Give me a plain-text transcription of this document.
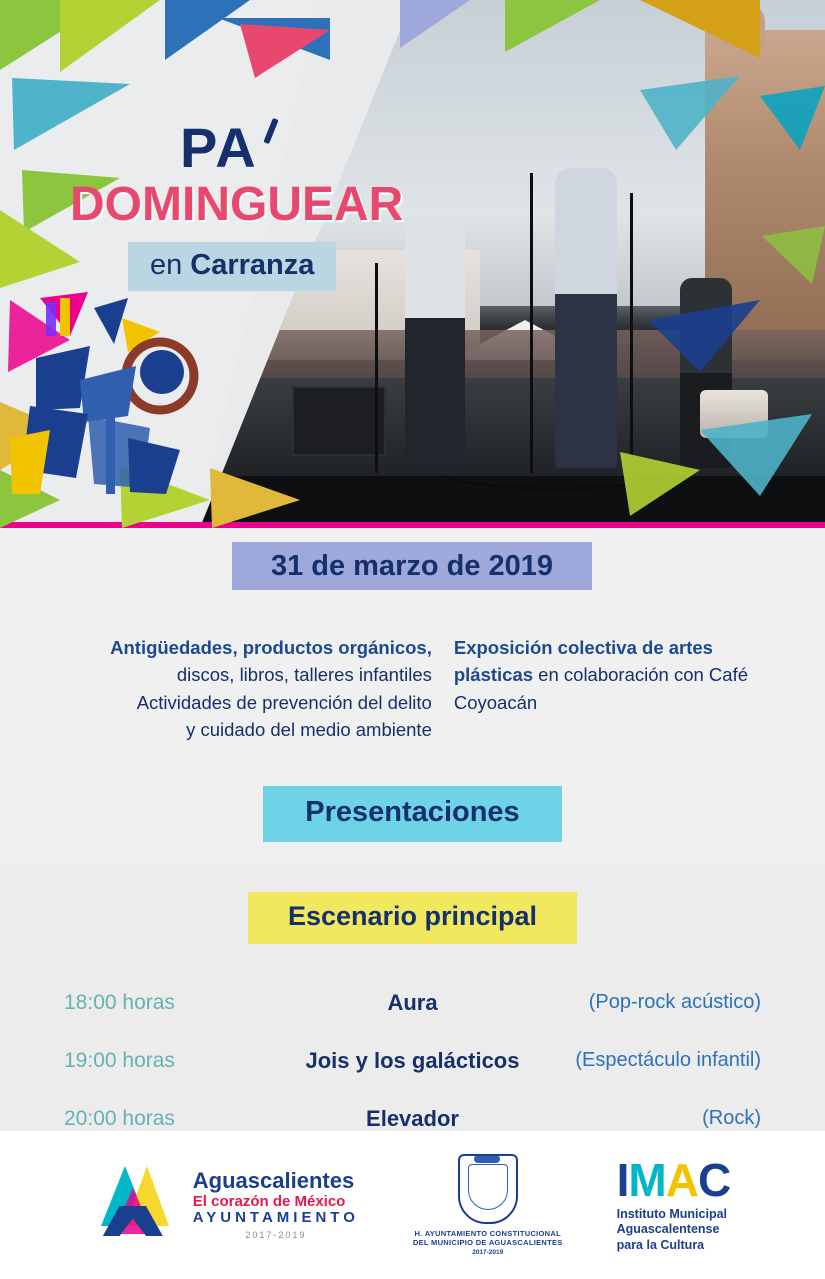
PA
DOMINGUEAR
en Carranza
31 de marzo de 2019
Antigüedades, productos orgánicos,
discos, libros, talleres infantiles
Actividades de prevención del delito
y cuidado del medio ambiente
Exposición colectiva de artes plásticas en colaboración con Café Coyoacán
Presentaciones
Escenario principal
18:00 horas	Aura	(Pop-rock acústico)
19:00 horas	Jois y los galácticos	(Espectáculo infantil)
20:00 horas	Elevador	(Rock)
Aguascalientes
El corazón de México
AYUNTAMIENTO
2017-2019	H. AYUNTAMIENTO CONSTITUCIONAL
DEL MUNICIPIO DE AGUASCALIENTES
2017-2019
IMAC
Instituto Municipal
Aguascalentense
para la Cultura
